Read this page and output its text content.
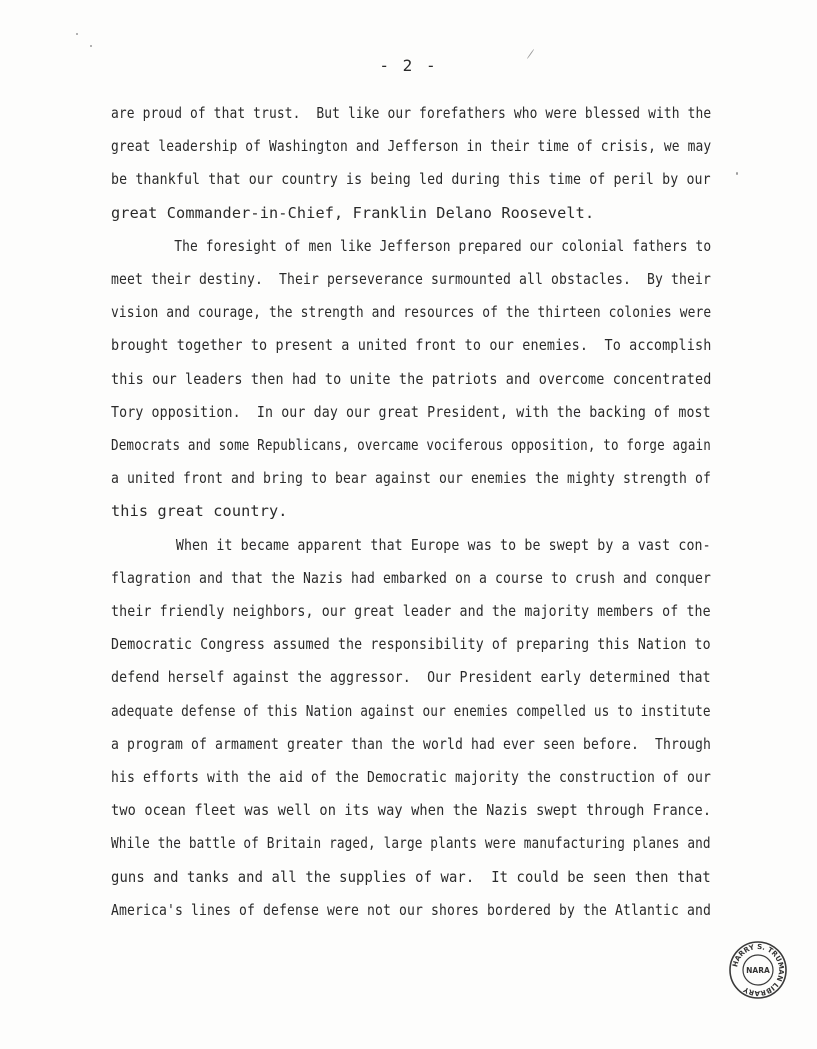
- 2 -
are proud of that trust.  But like our forefathers who were blessed with the
great leadership of Washington and Jefferson in their time of crisis, we may
be thankful that our country is being led during this time of peril by our
great Commander-in-Chief, Franklin Delano Roosevelt.
The foresight of men like Jefferson prepared our colonial fathers to
meet their destiny.  Their perseverance surmounted all obstacles.  By their
vision and courage, the strength and resources of the thirteen colonies were
brought together to present a united front to our enemies.  To accomplish
this our leaders then had to unite the patriots and overcome concentrated
Tory opposition.  In our day our great President, with the backing of most
Democrats and some Republicans, overcame vociferous opposition, to forge again
a united front and bring to bear against our enemies the mighty strength of
this great country.
When it became apparent that Europe was to be swept by a vast con-
flagration and that the Nazis had embarked on a course to crush and conquer
their friendly neighbors, our great leader and the majority members of the
Democratic Congress assumed the responsibility of preparing this Nation to
defend herself against the aggressor.  Our President early determined that
adequate defense of this Nation against our enemies compelled us to institute
a program of armament greater than the world had ever seen before.  Through
his efforts with the aid of the Democratic majority the construction of our
two ocean fleet was well on its way when the Nazis swept through France.
While the battle of Britain raged, large plants were manufacturing planes and
guns and tanks and all the supplies of war.  It could be seen then that
America's lines of defense were not our shores bordered by the Atlantic and
HARRY S. TRUMAN LIBRARY
NARA
